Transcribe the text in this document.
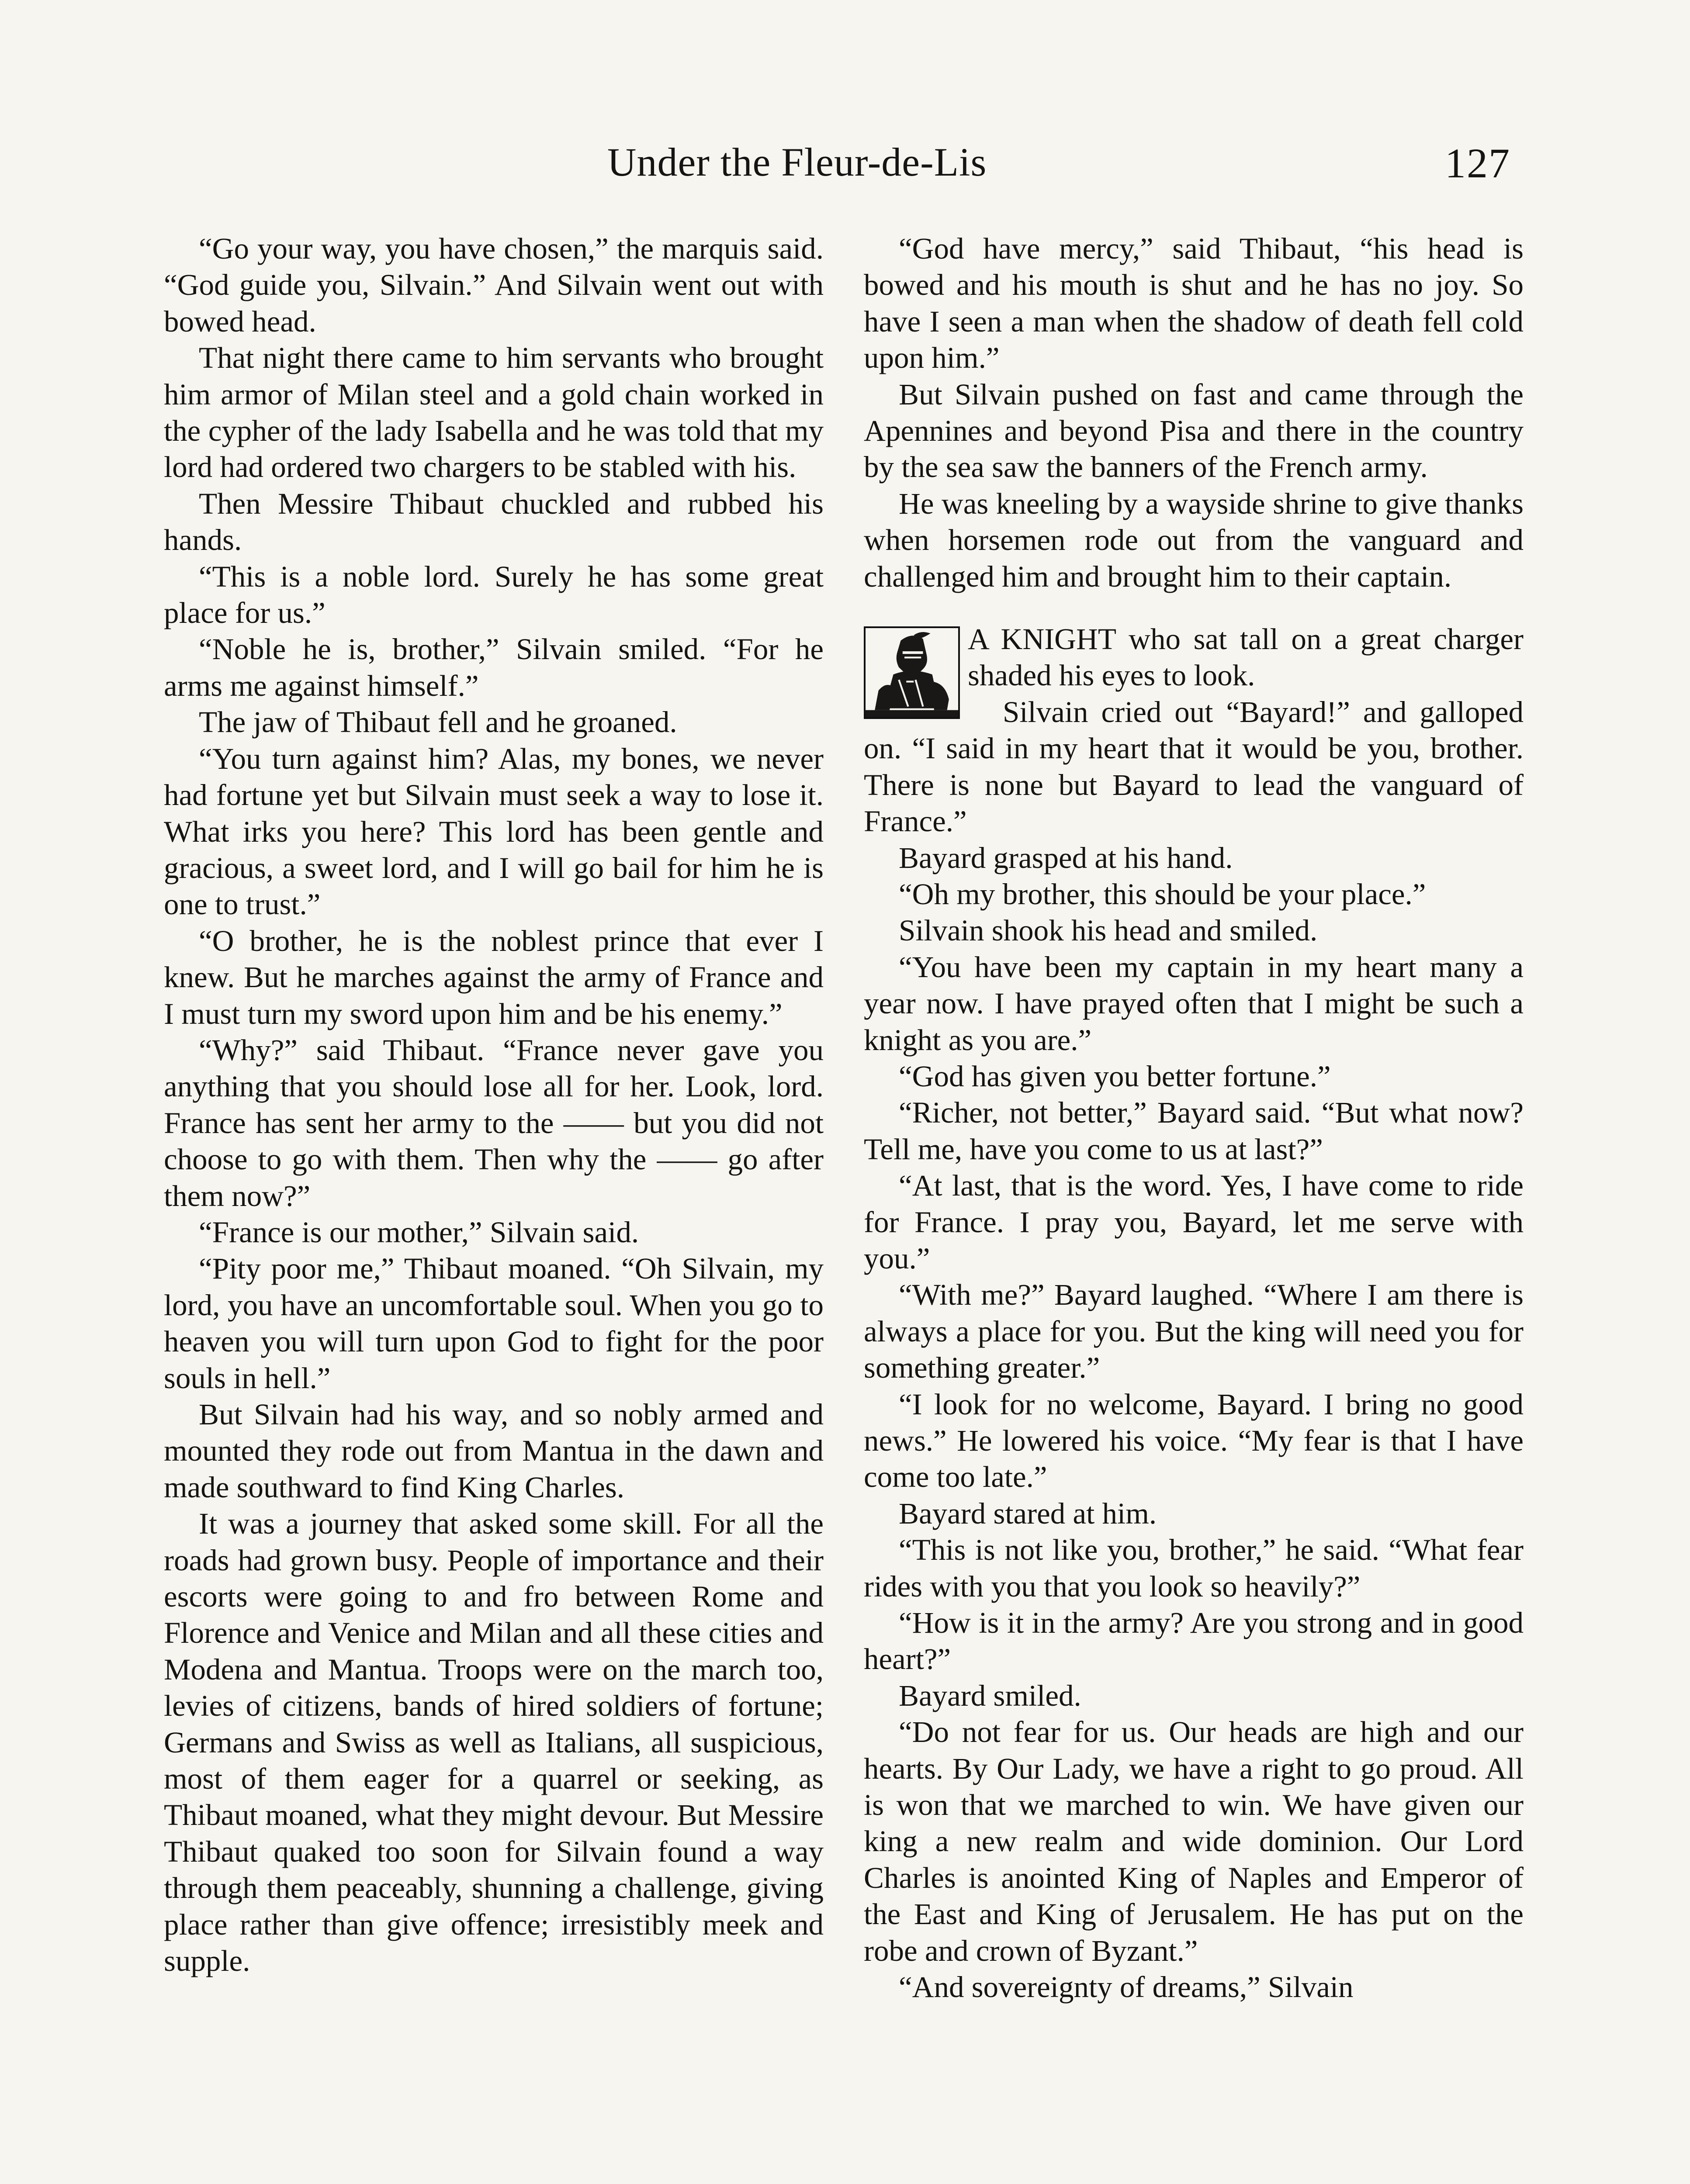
Under the Fleur-de-Lis	127

“Go your way, you have chosen,” the marquis said. “God guide you, Silvain.” And Silvain went out with bowed head.

That night there came to him servants who brought him armor of Milan steel and a gold chain worked in the cypher of the lady Isabella and he was told that my lord had ordered two chargers to be stabled with his.

Then Messire Thibaut chuckled and rubbed his hands.

“This is a noble lord. Surely he has some great place for us.”

“Noble he is, brother,” Silvain smiled. “For he arms me against himself.”

The jaw of Thibaut fell and he groaned.

“You turn against him? Alas, my bones, we never had fortune yet but Silvain must seek a way to lose it. What irks you here? This lord has been gentle and gracious, a sweet lord, and I will go bail for him he is one to trust.”

“O brother, he is the noblest prince that ever I knew. But he marches against the army of France and I must turn my sword upon him and be his enemy.”

“Why?” said Thibaut. “France never gave you anything that you should lose all for her. Look, lord. France has sent her army to the —— but you did not choose to go with them. Then why the —— go after them now?”

“France is our mother,” Silvain said.

“Pity poor me,” Thibaut moaned. “Oh Silvain, my lord, you have an uncomfortable soul. When you go to heaven you will turn upon God to fight for the poor souls in hell.”

But Silvain had his way, and so nobly armed and mounted they rode out from Mantua in the dawn and made southward to find King Charles.

It was a journey that asked some skill. For all the roads had grown busy. People of importance and their escorts were going to and fro between Rome and Florence and Venice and Milan and all these cities and Modena and Mantua. Troops were on the march too, levies of citizens, bands of hired soldiers of fortune; Germans and Swiss as well as Italians, all suspicious, most of them eager for a quarrel or seeking, as Thibaut moaned, what they might devour. But Messire Thibaut quaked too soon for Silvain found a way through them peaceably, shunning a challenge, giving place rather than give offence; irresistibly meek and supple.

“God have mercy,” said Thibaut, “his head is bowed and his mouth is shut and he has no joy. So have I seen a man when the shadow of death fell cold upon him.”

But Silvain pushed on fast and came through the Apennines and beyond Pisa and there in the country by the sea saw the banners of the French army.

He was kneeling by a wayside shrine to give thanks when horsemen rode out from the vanguard and challenged him and brought him to their captain.

A KNIGHT who sat tall on a great charger shaded his eyes to look.

Silvain cried out “Bayard!” and galloped on. “I said in my heart that it would be you, brother. There is none but Bayard to lead the vanguard of France.”

Bayard grasped at his hand.

“Oh my brother, this should be your place.”

Silvain shook his head and smiled.

“You have been my captain in my heart many a year now. I have prayed often that I might be such a knight as you are.”

“God has given you better fortune.”

“Richer, not better,” Bayard said. “But what now? Tell me, have you come to us at last?”

“At last, that is the word. Yes, I have come to ride for France. I pray you, Bayard, let me serve with you.”

“With me?” Bayard laughed. “Where I am there is always a place for you. But the king will need you for something greater.”

“I look for no welcome, Bayard. I bring no good news.” He lowered his voice. “My fear is that I have come too late.”

Bayard stared at him.

“This is not like you, brother,” he said. “What fear rides with you that you look so heavily?”

“How is it in the army? Are you strong and in good heart?”

Bayard smiled.

“Do not fear for us. Our heads are high and our hearts. By Our Lady, we have a right to go proud. All is won that we marched to win. We have given our king a new realm and wide dominion. Our Lord Charles is anointed King of Naples and Emperor of the East and King of Jerusalem. He has put on the robe and crown of Byzant.”

“And sovereignty of dreams,” Silvain
